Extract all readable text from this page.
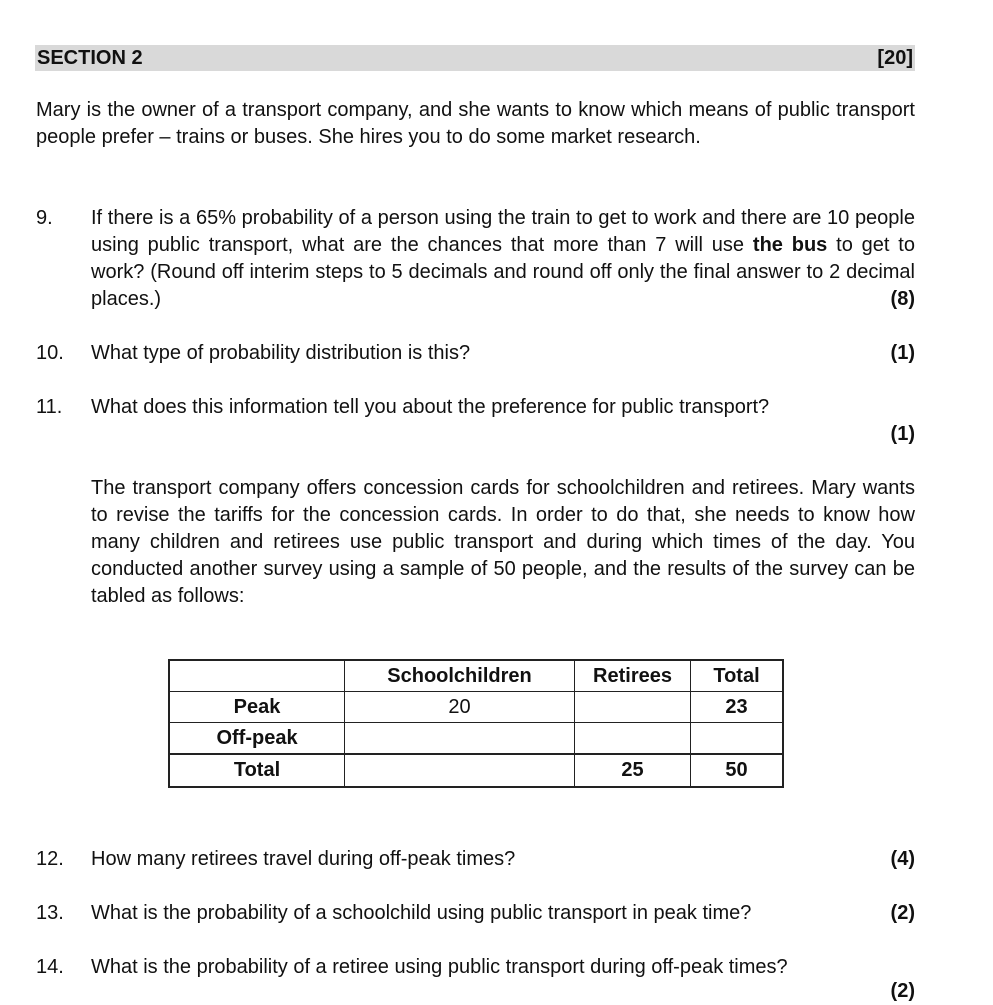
SECTION 2	[20]
Mary is the owner of a transport company, and she wants to know which means of public transport people prefer – trains or buses. She hires you to do some market research.
9. If there is a 65% probability of a person using the train to get to work and there are 10 people using public transport, what are the chances that more than 7 will use the bus to get to work? (Round off interim steps to 5 decimals and round off only the final answer to 2 decimal places.)	(8)
10. What type of probability distribution is this?	(1)
11. What does this information tell you about the preference for public transport?
(1)
The transport company offers concession cards for schoolchildren and retirees. Mary wants to revise the tariffs for the concession cards. In order to do that, she needs to know how many children and retirees use public transport and during which times of the day. You conducted another survey using a sample of 50 people, and the results of the survey can be tabled as follows:
	Schoolchildren	Retirees	Total
Peak	20		23
Off-peak			
Total		25	50
12. How many retirees travel during off-peak times?	(4)
13. What is the probability of a schoolchild using public transport in peak time?	(2)
14. What is the probability of a retiree using public transport during off-peak times?
(2)
